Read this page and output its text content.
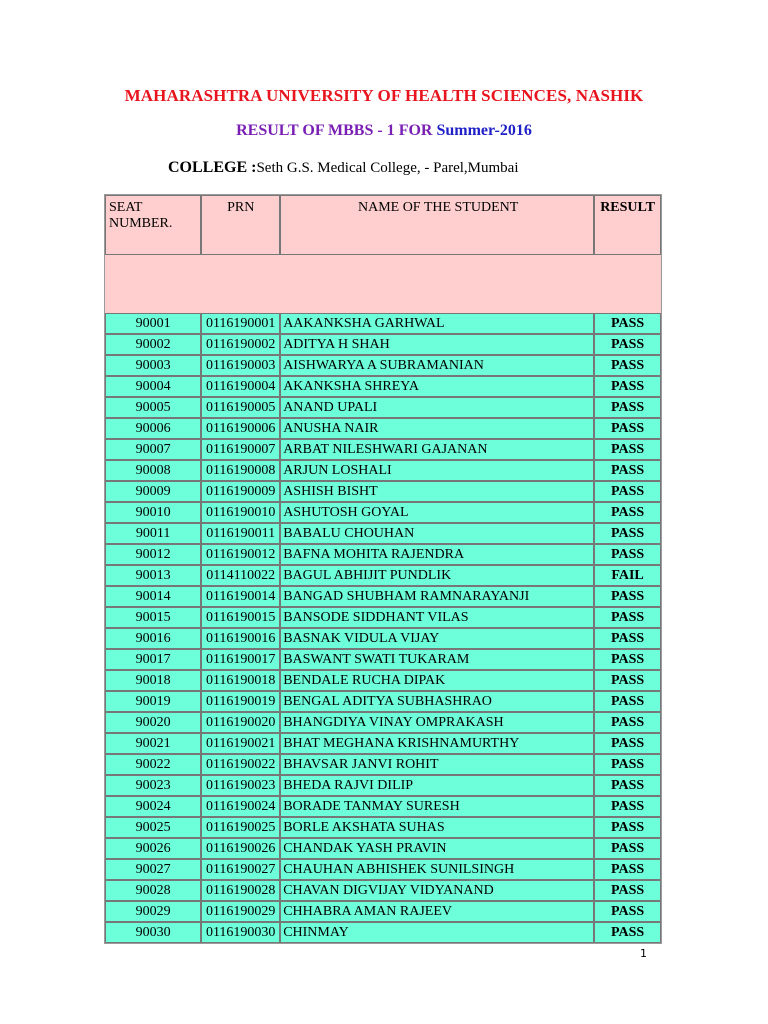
MAHARASHTRA UNIVERSITY OF HEALTH SCIENCES, NASHIK
RESULT OF MBBS - 1 FOR Summer-2016
COLLEGE :Seth G.S. Medical College, - Parel,Mumbai
SEAT NUMBER.	PRN	NAME OF THE STUDENT	RESULT

90001	0116190001	AAKANKSHA GARHWAL	PASS
90002	0116190002	ADITYA H SHAH	PASS
90003	0116190003	AISHWARYA A SUBRAMANIAN	PASS
90004	0116190004	AKANKSHA SHREYA	PASS
90005	0116190005	ANAND UPALI	PASS
90006	0116190006	ANUSHA NAIR	PASS
90007	0116190007	ARBAT NILESHWARI GAJANAN	PASS
90008	0116190008	ARJUN LOSHALI	PASS
90009	0116190009	ASHISH BISHT	PASS
90010	0116190010	ASHUTOSH GOYAL	PASS
90011	0116190011	BABALU CHOUHAN	PASS
90012	0116190012	BAFNA MOHITA RAJENDRA	PASS
90013	0114110022	BAGUL ABHIJIT PUNDLIK	FAIL
90014	0116190014	BANGAD SHUBHAM RAMNARAYANJI	PASS
90015	0116190015	BANSODE SIDDHANT VILAS	PASS
90016	0116190016	BASNAK VIDULA VIJAY	PASS
90017	0116190017	BASWANT SWATI TUKARAM	PASS
90018	0116190018	BENDALE RUCHA DIPAK	PASS
90019	0116190019	BENGAL ADITYA SUBHASHRAO	PASS
90020	0116190020	BHANGDIYA VINAY OMPRAKASH	PASS
90021	0116190021	BHAT MEGHANA KRISHNAMURTHY	PASS
90022	0116190022	BHAVSAR JANVI ROHIT	PASS
90023	0116190023	BHEDA RAJVI DILIP	PASS
90024	0116190024	BORADE TANMAY SURESH	PASS
90025	0116190025	BORLE AKSHATA SUHAS	PASS
90026	0116190026	CHANDAK YASH PRAVIN	PASS
90027	0116190027	CHAUHAN ABHISHEK SUNILSINGH	PASS
90028	0116190028	CHAVAN DIGVIJAY VIDYANAND	PASS
90029	0116190029	CHHABRA AMAN RAJEEV	PASS
90030	0116190030	CHINMAY	PASS
1
